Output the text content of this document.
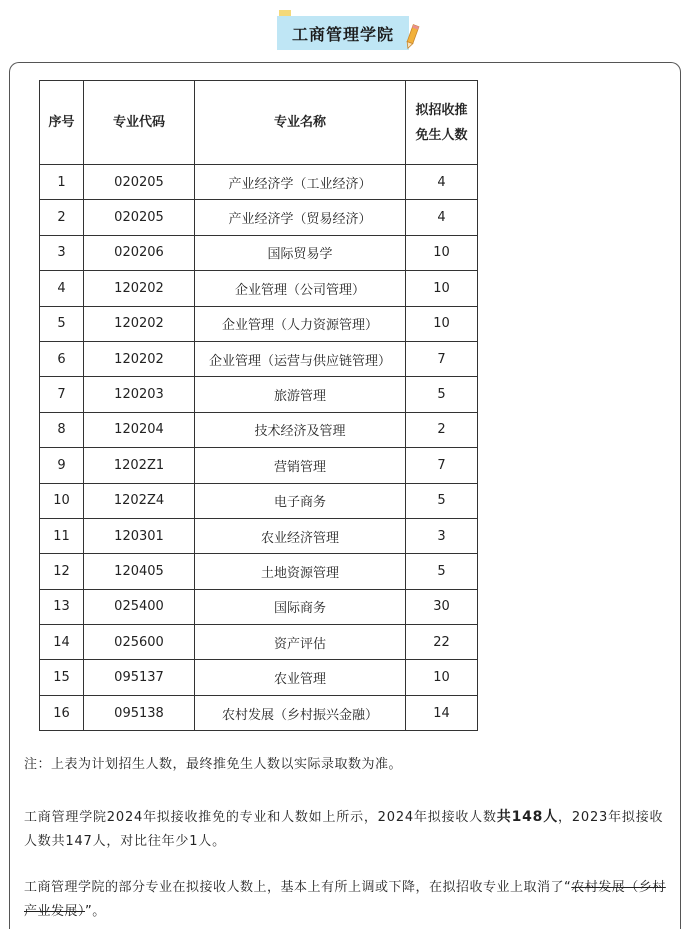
工商管理学院
序号	专业代码	专业名称	拟招收推
免生人数
1	020205	产业经济学（工业经济）	4
2	020205	产业经济学（贸易经济）	4
3	020206	国际贸易学	10
4	120202	企业管理（公司管理）	10
5	120202	企业管理（人力资源管理）	10
6	120202	企业管理（运营与供应链管理）	7
7	120203	旅游管理	5
8	120204	技术经济及管理	2
9	1202Z1	营销管理	7
10	1202Z4	电子商务	5
11	120301	农业经济管理	3
12	120405	土地资源管理	5
13	025400	国际商务	30
14	025600	资产评估	22
15	095137	农业管理	10
16	095138	农村发展（乡村振兴金融）	14
注：上表为计划招生人数，最终推免生人数以实际录取数为准。
工商管理学院2024年拟接收推免的专业和人数如上所示，2024年拟接收人数共148人，2023年拟接收人数共147人，对比往年少1人。
工商管理学院的部分专业在拟接收人数上，基本上有所上调或下降，在拟招收专业上取消了“农村发展（乡村产业发展）”。
